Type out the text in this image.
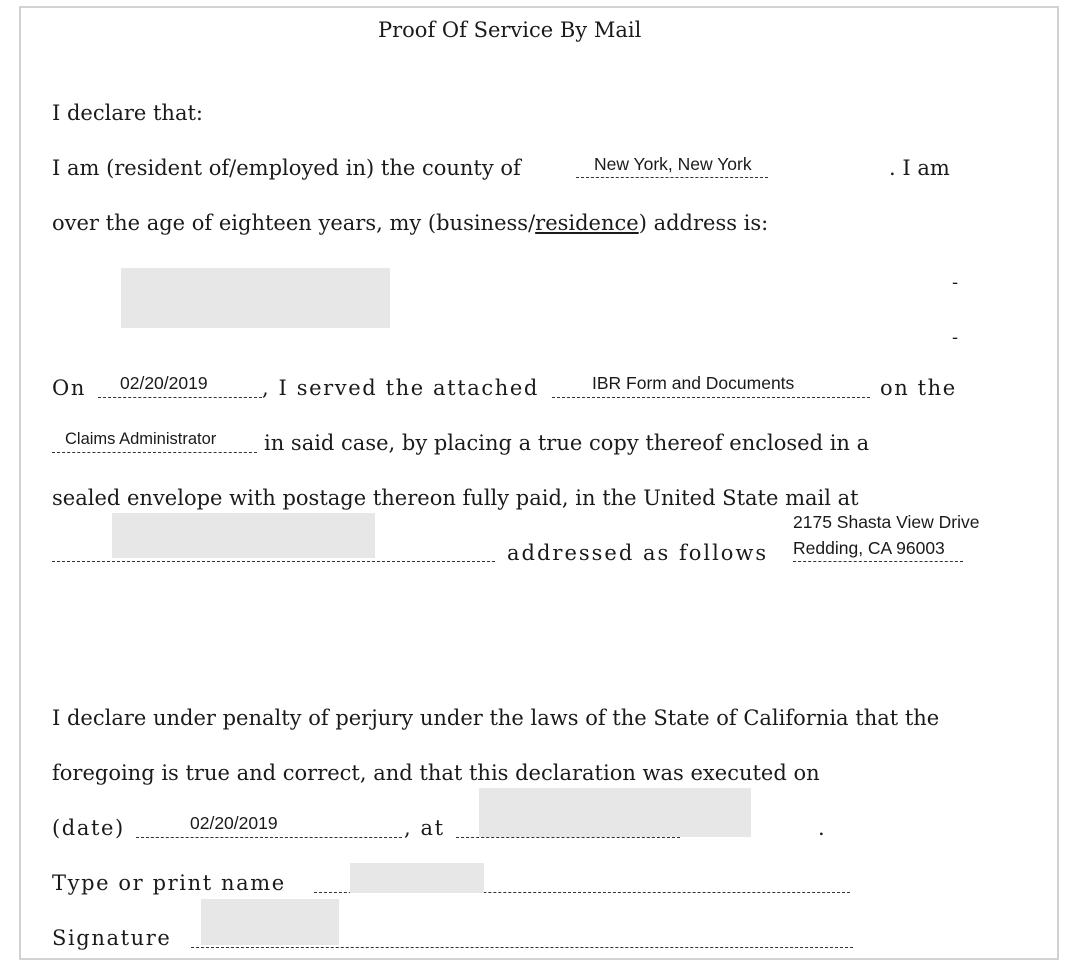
Proof Of Service By Mail
I declare that:
I am (resident of/employed in) the county of	New York, New York	. I am
over the age of eighteen years, my (business/residence) address is:
-
-
On 02/20/2019	, I served the attached	IBR Form and Documents	on the
Claims Administrator in said case, by placing a true copy thereof enclosed in a
sealed envelope with postage thereon fully paid, in the United State mail at
addressed as follows
2175 Shasta View Drive
Redding, CA 96003
I declare under penalty of perjury under the laws of the State of California that the
foregoing is true and correct, and that this declaration was executed on
(date)	02/20/2019	, at	.
Type or print name
Signature
